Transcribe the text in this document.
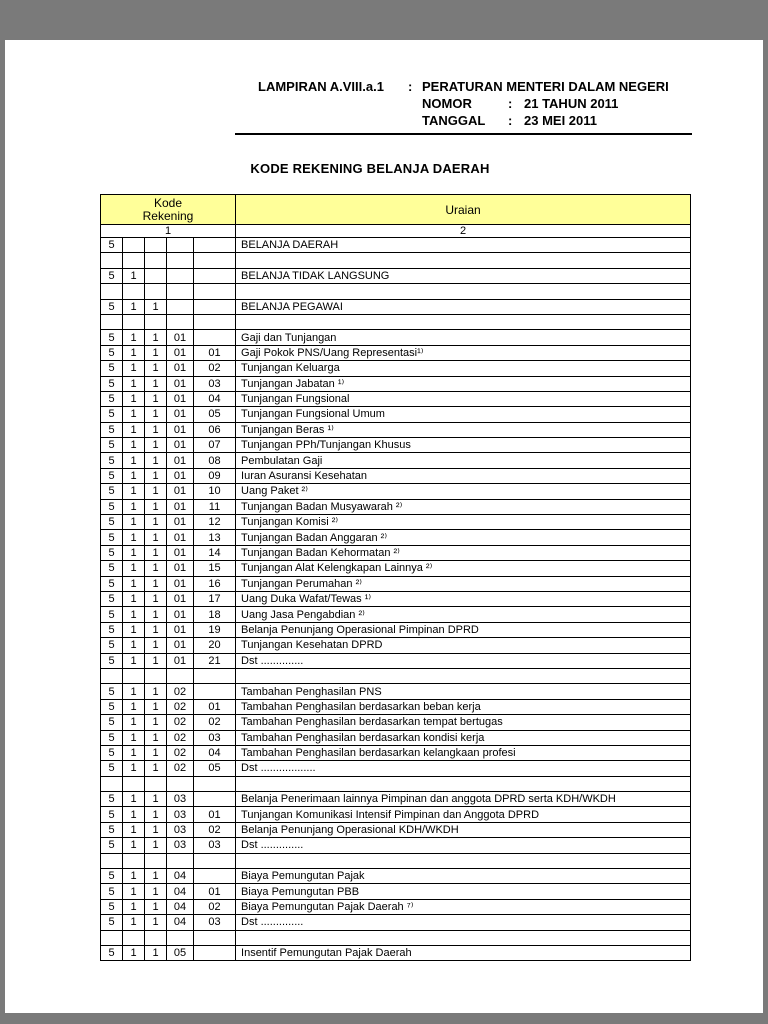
LAMPIRAN A.VIII.a.1	: PERATURAN MENTERI DALAM NEGERI
NOMOR	: 21 TAHUN 2011
TANGGAL	: 23 MEI 2011
KODE REKENING BELANJA DAERAH
Kode Rekening					Uraian
1					2
5					BELANJA DAERAH

5	1				BELANJA TIDAK LANGSUNG

5	1	1			BELANJA PEGAWAI

5	1	1	01		Gaji dan Tunjangan
5	1	1	01	01	Gaji Pokok PNS/Uang Representasi¹⁾
5	1	1	01	02	Tunjangan Keluarga
5	1	1	01	03	Tunjangan Jabatan ¹⁾
5	1	1	01	04	Tunjangan Fungsional
5	1	1	01	05	Tunjangan Fungsional Umum
5	1	1	01	06	Tunjangan Beras ¹⁾
5	1	1	01	07	Tunjangan PPh/Tunjangan Khusus
5	1	1	01	08	Pembulatan Gaji
5	1	1	01	09	Iuran Asuransi Kesehatan
5	1	1	01	10	Uang Paket ²⁾
5	1	1	01	11	Tunjangan Badan Musyawarah ²⁾
5	1	1	01	12	Tunjangan Komisi ²⁾
5	1	1	01	13	Tunjangan Badan Anggaran ²⁾
5	1	1	01	14	Tunjangan Badan Kehormatan ²⁾
5	1	1	01	15	Tunjangan Alat Kelengkapan Lainnya ²⁾
5	1	1	01	16	Tunjangan Perumahan ²⁾
5	1	1	01	17	Uang Duka Wafat/Tewas ¹⁾
5	1	1	01	18	Uang Jasa Pengabdian ²⁾
5	1	1	01	19	Belanja Penunjang Operasional Pimpinan DPRD
5	1	1	01	20	Tunjangan Kesehatan DPRD
5	1	1	01	21	Dst ..............

5	1	1	02		Tambahan Penghasilan PNS
5	1	1	02	01	Tambahan Penghasilan berdasarkan beban kerja
5	1	1	02	02	Tambahan Penghasilan berdasarkan tempat bertugas
5	1	1	02	03	Tambahan Penghasilan berdasarkan kondisi kerja
5	1	1	02	04	Tambahan Penghasilan berdasarkan kelangkaan profesi
5	1	1	02	05	Dst ..................

5	1	1	03		Belanja Penerimaan lainnya Pimpinan dan anggota DPRD serta KDH/WKDH
5	1	1	03	01	Tunjangan Komunikasi Intensif Pimpinan dan Anggota DPRD
5	1	1	03	02	Belanja Penunjang Operasional KDH/WKDH
5	1	1	03	03	Dst ..............

5	1	1	04		Biaya Pemungutan Pajak
5	1	1	04	01	Biaya Pemungutan PBB
5	1	1	04	02	Biaya Pemungutan Pajak Daerah ⁷⁾
5	1	1	04	03	Dst ..............

5	1	1	05		Insentif Pemungutan Pajak Daerah
